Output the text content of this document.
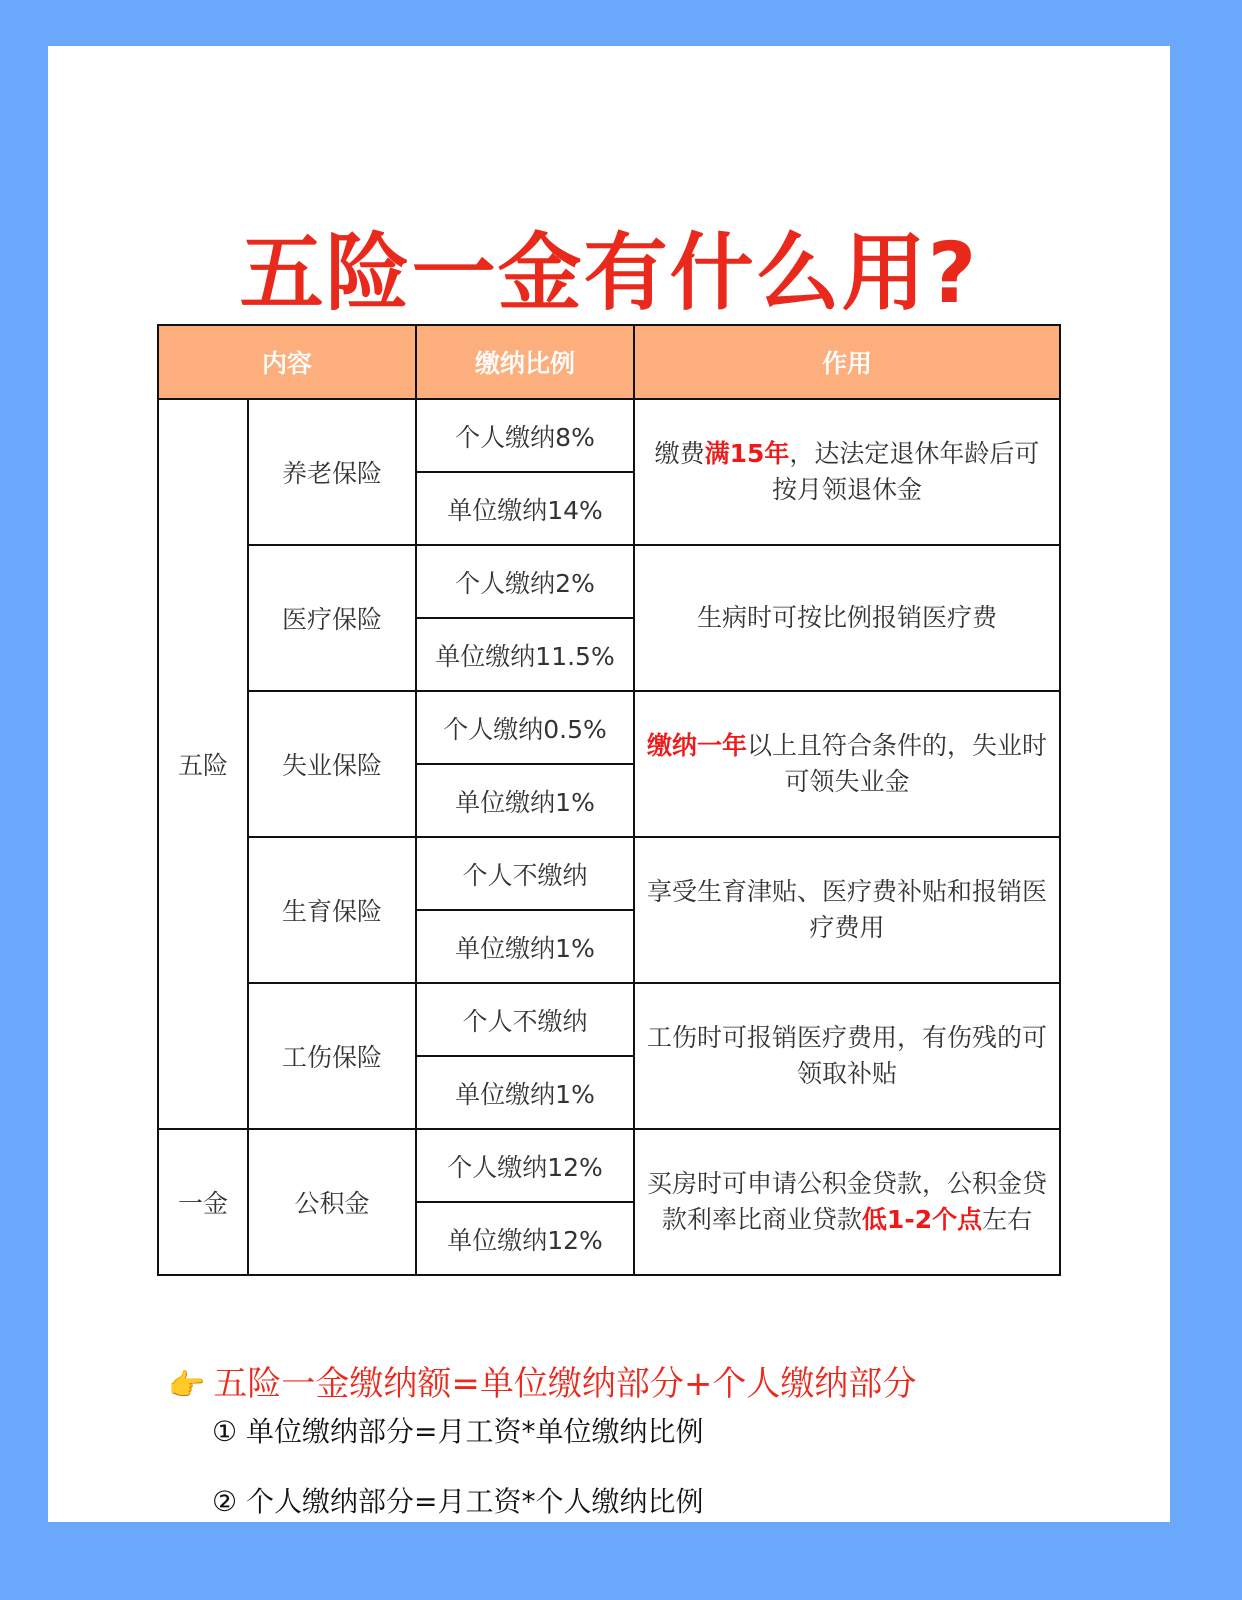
五险一金有什么用?
内容		缴纳比例	作用
五险	养老保险	个人缴纳8%	缴费满15年，达法定退休年龄后可按月领退休金
		单位缴纳14%	
	医疗保险	个人缴纳2%	生病时可按比例报销医疗费
		单位缴纳11.5%	
	失业保险	个人缴纳0.5%	缴纳一年以上且符合条件的，失业时可领失业金
		单位缴纳1%	
	生育保险	个人不缴纳	享受生育津贴、医疗费补贴和报销医疗费用
		单位缴纳1%	
	工伤保险	个人不缴纳	工伤时可报销医疗费用，有伤残的可领取补贴
		单位缴纳1%	
一金	公积金	个人缴纳12%	买房时可申请公积金贷款，公积金贷款利率比商业贷款低1-2个点左右
		单位缴纳12%	
👉 五险一金缴纳额=单位缴纳部分+个人缴纳部分
① 单位缴纳部分=月工资*单位缴纳比例
② 个人缴纳部分=月工资*个人缴纳比例
